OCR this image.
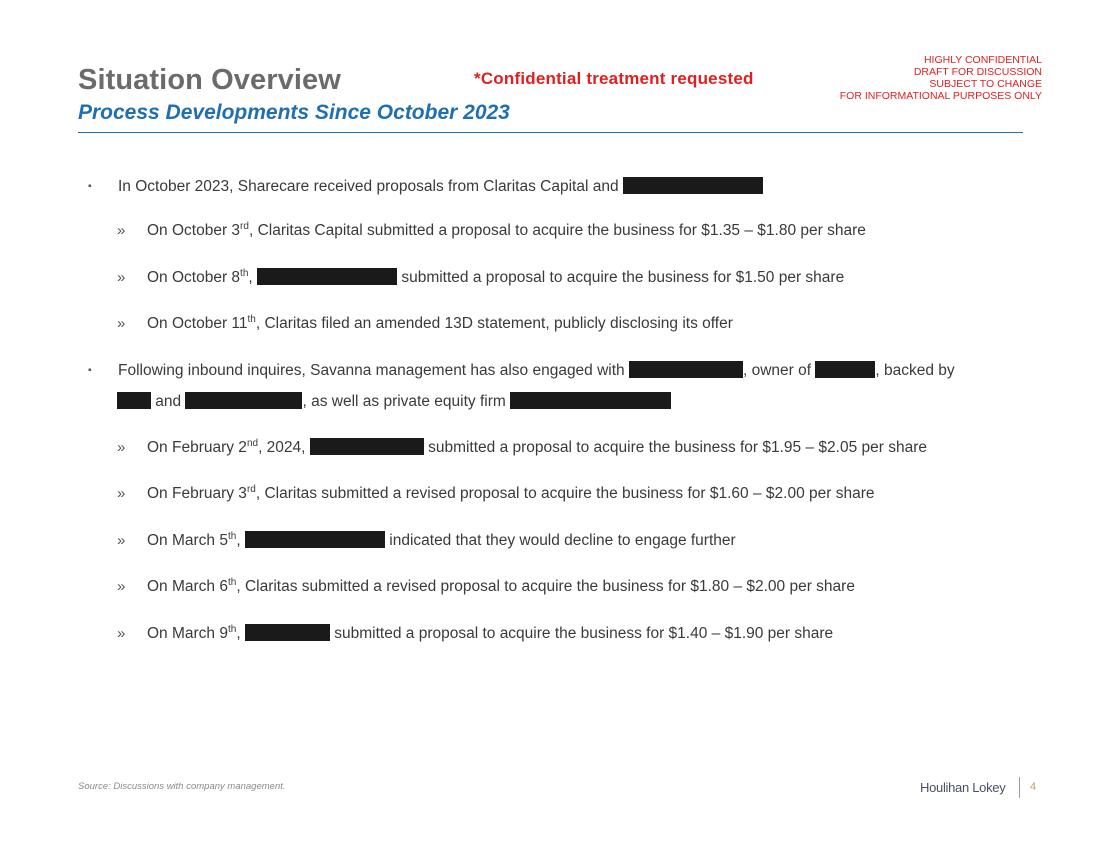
Situation Overview
Process Developments Since October 2023
*Confidential treatment requested
HIGHLY CONFIDENTIAL
DRAFT FOR DISCUSSION
SUBJECT TO CHANGE
FOR INFORMATIONAL PURPOSES ONLY
▪ In October 2023, Sharecare received proposals from Claritas Capital and
» On October 3rd, Claritas Capital submitted a proposal to acquire the business for $1.35 – $1.80 per share
» On October 8th,	submitted a proposal to acquire the business for $1.50 per share
» On October 11th, Claritas filed an amended 13D statement, publicly disclosing its offer
▪ Following inbound inquires, Savanna management has also engaged with	, owner of	, backed by
and	, as well as private equity firm
» On February 2nd, 2024,	submitted a proposal to acquire the business for $1.95 – $2.05 per share
» On February 3rd, Claritas submitted a revised proposal to acquire the business for $1.60 – $2.00 per share
» On March 5th,	indicated that they would decline to engage further
» On March 6th, Claritas submitted a revised proposal to acquire the business for $1.80 – $2.00 per share
» On March 9th,	submitted a proposal to acquire the business for $1.40 – $1.90 per share
Source: Discussions with company management.	Houlihan Lokey 4
